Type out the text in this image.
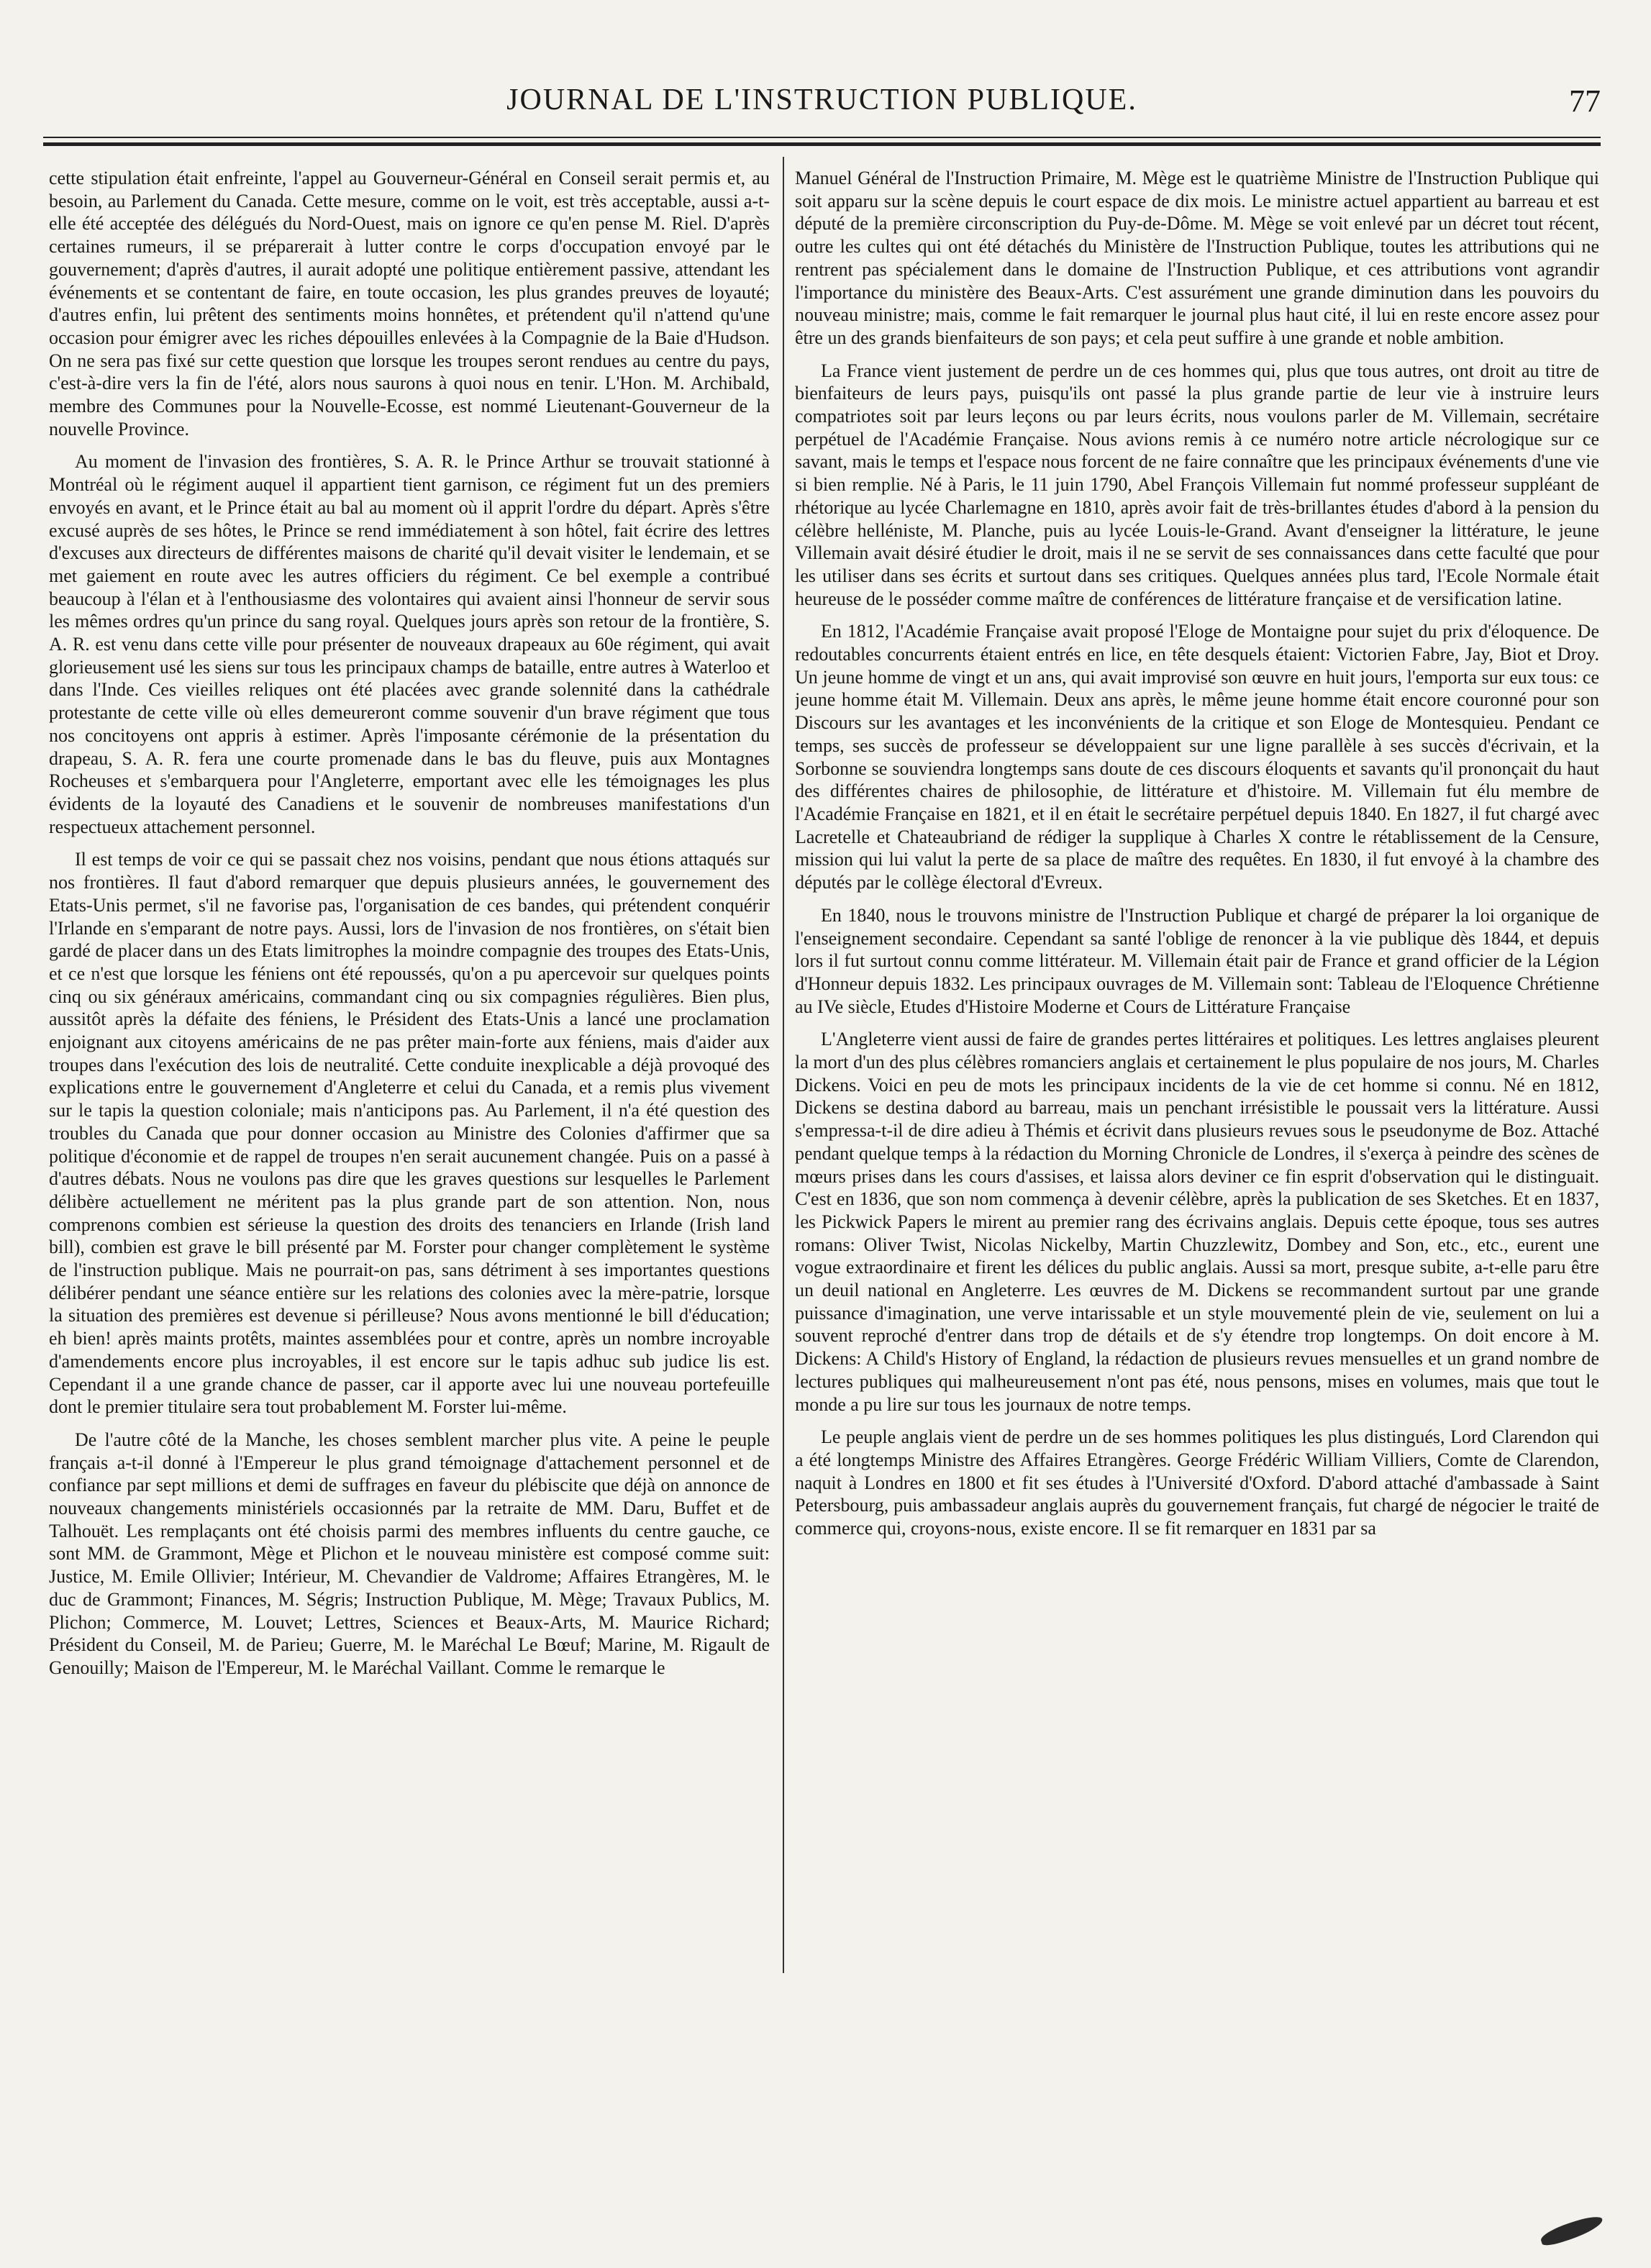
JOURNAL DE L'INSTRUCTION PUBLIQUE.	77

cette stipulation était enfreinte, l'appel au Gouverneur-Général en Conseil serait permis et, au besoin, au Parlement du Canada. Cette mesure, comme on le voit, est très acceptable, aussi a-t-elle été acceptée des délégués du Nord-Ouest, mais on ignore ce qu'en pense M. Riel. D'après certaines rumeurs, il se préparerait à lutter contre le corps d'occupation envoyé par le gouvernement; d'après d'autres, il aurait adopté une politique entièrement passive, attendant les événements et se contentant de faire, en toute occasion, les plus grandes preuves de loyauté; d'autres enfin, lui prêtent des sentiments moins honnêtes, et prétendent qu'il n'attend qu'une occasion pour émigrer avec les riches dépouilles enlevées à la Compagnie de la Baie d'Hudson. On ne sera pas fixé sur cette question que lorsque les troupes seront rendues au centre du pays, c'est-à-dire vers la fin de l'été, alors nous saurons à quoi nous en tenir. L'Hon. M. Archibald, membre des Communes pour la Nouvelle-Ecosse, est nommé Lieutenant-Gouverneur de la nouvelle Province.

Au moment de l'invasion des frontières, S. A. R. le Prince Arthur se trouvait stationné à Montréal où le régiment auquel il appartient tient garnison, ce régiment fut un des premiers envoyés en avant, et le Prince était au bal au moment où il apprit l'ordre du départ. Après s'être excusé auprès de ses hôtes, le Prince se rend immédiatement à son hôtel, fait écrire des lettres d'excuses aux directeurs de différentes maisons de charité qu'il devait visiter le lendemain, et se met gaiement en route avec les autres officiers du régiment. Ce bel exemple a contribué beaucoup à l'élan et à l'enthousiasme des volontaires qui avaient ainsi l'honneur de servir sous les mêmes ordres qu'un prince du sang royal. Quelques jours après son retour de la frontière, S. A. R. est venu dans cette ville pour présenter de nouveaux drapeaux au 60e régiment, qui avait glorieusement usé les siens sur tous les principaux champs de bataille, entre autres à Waterloo et dans l'Inde. Ces vieilles reliques ont été placées avec grande solennité dans la cathédrale protestante de cette ville où elles demeureront comme souvenir d'un brave régiment que tous nos concitoyens ont appris à estimer. Après l'imposante cérémonie de la présentation du drapeau, S. A. R. fera une courte promenade dans le bas du fleuve, puis aux Montagnes Rocheuses et s'embarquera pour l'Angleterre, emportant avec elle les témoignages les plus évidents de la loyauté des Canadiens et le souvenir de nombreuses manifestations d'un respectueux attachement personnel.

Il est temps de voir ce qui se passait chez nos voisins, pendant que nous étions attaqués sur nos frontières. Il faut d'abord remarquer que depuis plusieurs années, le gouvernement des Etats-Unis permet, s'il ne favorise pas, l'organisation de ces bandes, qui prétendent conquérir l'Irlande en s'emparant de notre pays. Aussi, lors de l'invasion de nos frontières, on s'était bien gardé de placer dans un des Etats limitrophes la moindre compagnie des troupes des Etats-Unis, et ce n'est que lorsque les féniens ont été repoussés, qu'on a pu apercevoir sur quelques points cinq ou six généraux américains, commandant cinq ou six compagnies régulières. Bien plus, aussitôt après la défaite des féniens, le Président des Etats-Unis a lancé une proclamation enjoignant aux citoyens américains de ne pas prêter main-forte aux féniens, mais d'aider aux troupes dans l'exécution des lois de neutralité. Cette conduite inexplicable a déjà provoqué des explications entre le gouvernement d'Angleterre et celui du Canada, et a remis plus vivement sur le tapis la question coloniale; mais n'anticipons pas. Au Parlement, il n'a été question des troubles du Canada que pour donner occasion au Ministre des Colonies d'affirmer que sa politique d'économie et de rappel de troupes n'en serait aucunement changée. Puis on a passé à d'autres débats. Nous ne voulons pas dire que les graves questions sur lesquelles le Parlement délibère actuellement ne méritent pas la plus grande part de son attention. Non, nous comprenons combien est sérieuse la question des droits des tenanciers en Irlande (Irish land bill), combien est grave le bill présenté par M. Forster pour changer complètement le système de l'instruction publique. Mais ne pourrait-on pas, sans détriment à ses importantes questions délibérer pendant une séance entière sur les relations des colonies avec la mère-patrie, lorsque la situation des premières est devenue si périlleuse? Nous avons mentionné le bill d'éducation; eh bien! après maints protêts, maintes assemblées pour et contre, après un nombre incroyable d'amendements encore plus incroyables, il est encore sur le tapis adhuc sub judice lis est. Cependant il a une grande chance de passer, car il apporte avec lui une nouveau portefeuille dont le premier titulaire sera tout probablement M. Forster lui-même.

De l'autre côté de la Manche, les choses semblent marcher plus vite. A peine le peuple français a-t-il donné à l'Empereur le plus grand témoignage d'attachement personnel et de confiance par sept millions et demi de suffrages en faveur du plébiscite que déjà on annonce de nouveaux changements ministériels occasionnés par la retraite de MM. Daru, Buffet et de Talhouët. Les remplaçants ont été choisis parmi des membres influents du centre gauche, ce sont MM. de Grammont, Mège et Plichon et le nouveau ministère est composé comme suit: Justice, M. Emile Ollivier; Intérieur, M. Chevandier de Valdrome; Affaires Etrangères, M. le duc de Grammont; Finances, M. Ségris; Instruction Publique, M. Mège; Travaux Publics, M. Plichon; Commerce, M. Louvet; Lettres, Sciences et Beaux-Arts, M. Maurice Richard; Président du Conseil, M. de Parieu; Guerre, M. le Maréchal Le Bœuf; Marine, M. Rigault de Genouilly; Maison de l'Empereur, M. le Maréchal Vaillant. Comme le remarque le

Manuel Général de l'Instruction Primaire, M. Mège est le quatrième Ministre de l'Instruction Publique qui soit apparu sur la scène depuis le court espace de dix mois. Le ministre actuel appartient au barreau et est député de la première circonscription du Puy-de-Dôme. M. Mège se voit enlevé par un décret tout récent, outre les cultes qui ont été détachés du Ministère de l'Instruction Publique, toutes les attributions qui ne rentrent pas spécialement dans le domaine de l'Instruction Publique, et ces attributions vont agrandir l'importance du ministère des Beaux-Arts. C'est assurément une grande diminution dans les pouvoirs du nouveau ministre; mais, comme le fait remarquer le journal plus haut cité, il lui en reste encore assez pour être un des grands bienfaiteurs de son pays; et cela peut suffire à une grande et noble ambition.

La France vient justement de perdre un de ces hommes qui, plus que tous autres, ont droit au titre de bienfaiteurs de leurs pays, puisqu'ils ont passé la plus grande partie de leur vie à instruire leurs compatriotes soit par leurs leçons ou par leurs écrits, nous voulons parler de M. Villemain, secrétaire perpétuel de l'Académie Française. Nous avions remis à ce numéro notre article nécrologique sur ce savant, mais le temps et l'espace nous forcent de ne faire connaître que les principaux événements d'une vie si bien remplie. Né à Paris, le 11 juin 1790, Abel François Villemain fut nommé professeur suppléant de rhétorique au lycée Charlemagne en 1810, après avoir fait de très-brillantes études d'abord à la pension du célèbre helléniste, M. Planche, puis au lycée Louis-le-Grand. Avant d'enseigner la littérature, le jeune Villemain avait désiré étudier le droit, mais il ne se servit de ses connaissances dans cette faculté que pour les utiliser dans ses écrits et surtout dans ses critiques. Quelques années plus tard, l'Ecole Normale était heureuse de le posséder comme maître de conférences de littérature française et de versification latine.

En 1812, l'Académie Française avait proposé l'Eloge de Montaigne pour sujet du prix d'éloquence. De redoutables concurrents étaient entrés en lice, en tête desquels étaient: Victorien Fabre, Jay, Biot et Droy. Un jeune homme de vingt et un ans, qui avait improvisé son œuvre en huit jours, l'emporta sur eux tous: ce jeune homme était M. Villemain. Deux ans après, le même jeune homme était encore couronné pour son Discours sur les avantages et les inconvénients de la critique et son Eloge de Montesquieu. Pendant ce temps, ses succès de professeur se développaient sur une ligne parallèle à ses succès d'écrivain, et la Sorbonne se souviendra longtemps sans doute de ces discours éloquents et savants qu'il prononçait du haut des différentes chaires de philosophie, de littérature et d'histoire. M. Villemain fut élu membre de l'Académie Française en 1821, et il en était le secrétaire perpétuel depuis 1840. En 1827, il fut chargé avec Lacretelle et Chateaubriand de rédiger la supplique à Charles X contre le rétablissement de la Censure, mission qui lui valut la perte de sa place de maître des requêtes. En 1830, il fut envoyé à la chambre des députés par le collège électoral d'Evreux.

En 1840, nous le trouvons ministre de l'Instruction Publique et chargé de préparer la loi organique de l'enseignement secondaire. Cependant sa santé l'oblige de renoncer à la vie publique dès 1844, et depuis lors il fut surtout connu comme littérateur. M. Villemain était pair de France et grand officier de la Légion d'Honneur depuis 1832. Les principaux ouvrages de M. Villemain sont: Tableau de l'Eloquence Chrétienne au IVe siècle, Etudes d'Histoire Moderne et Cours de Littérature Française

L'Angleterre vient aussi de faire de grandes pertes littéraires et politiques. Les lettres anglaises pleurent la mort d'un des plus célèbres romanciers anglais et certainement le plus populaire de nos jours, M. Charles Dickens. Voici en peu de mots les principaux incidents de la vie de cet homme si connu. Né en 1812, Dickens se destina dabord au barreau, mais un penchant irrésistible le poussait vers la littérature. Aussi s'empressa-t-il de dire adieu à Thémis et écrivit dans plusieurs revues sous le pseudonyme de Boz. Attaché pendant quelque temps à la rédaction du Morning Chronicle de Londres, il s'exerça à peindre des scènes de mœurs prises dans les cours d'assises, et laissa alors deviner ce fin esprit d'observation qui le distinguait. C'est en 1836, que son nom commença à devenir célèbre, après la publication de ses Sketches. Et en 1837, les Pickwick Papers le mirent au premier rang des écrivains anglais. Depuis cette époque, tous ses autres romans: Oliver Twist, Nicolas Nickelby, Martin Chuzzlewitz, Dombey and Son, etc., etc., eurent une vogue extraordinaire et firent les délices du public anglais. Aussi sa mort, presque subite, a-t-elle paru être un deuil national en Angleterre. Les œuvres de M. Dickens se recommandent surtout par une grande puissance d'imagination, une verve intarissable et un style mouvementé plein de vie, seulement on lui a souvent reproché d'entrer dans trop de détails et de s'y étendre trop longtemps. On doit encore à M. Dickens: A Child's History of England, la rédaction de plusieurs revues mensuelles et un grand nombre de lectures publiques qui malheureusement n'ont pas été, nous pensons, mises en volumes, mais que tout le monde a pu lire sur tous les journaux de notre temps.

Le peuple anglais vient de perdre un de ses hommes politiques les plus distingués, Lord Clarendon qui a été longtemps Ministre des Affaires Etrangères. George Frédéric William Villiers, Comte de Clarendon, naquit à Londres en 1800 et fit ses études à l'Université d'Oxford. D'abord attaché d'ambassade à Saint Petersbourg, puis ambassadeur anglais auprès du gouvernement français, fut chargé de négocier le traité de commerce qui, croyons-nous, existe encore. Il se fit remarquer en 1831 par sa
